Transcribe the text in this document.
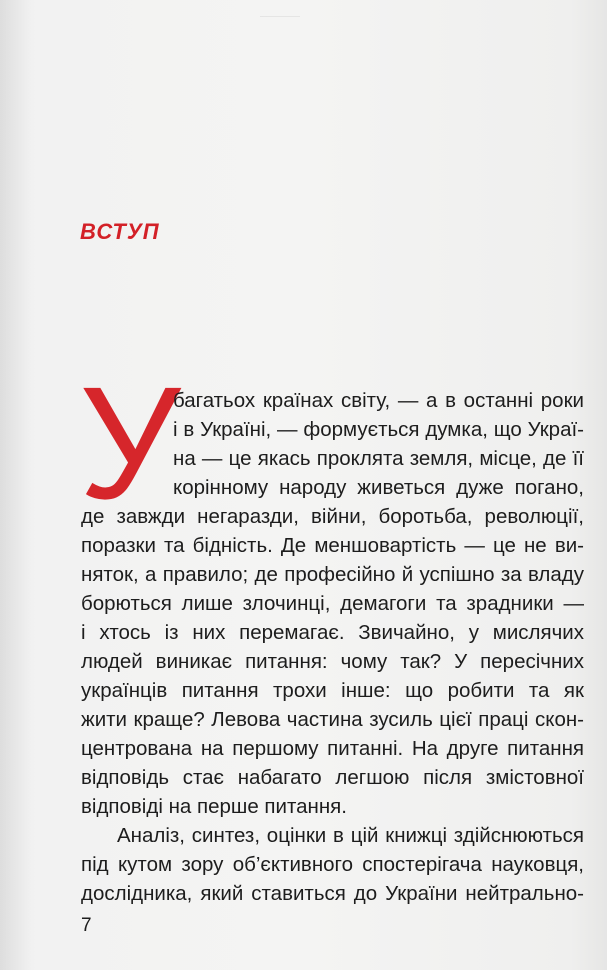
ВСТУП
У
багатьох країнах світу, — а в останні роки
і в Україні, — формується думка, що Украї-
на — це якась проклята земля, місце, де її
корінному народу живеться дуже погано,
де завжди негаразди, війни, боротьба, революції,
поразки та бідність. Де меншовартість — це не ви-
няток, а правило; де професійно й успішно за владу
борються лише злочинці, демагоги та зрадники —
і хтось із них перемагає. Звичайно, у мислячих
людей виникає питання: чому так? У пересічних
українців питання трохи інше: що робити та як
жити краще? Левова частина зусиль цієї праці скон-
центрована на першому питанні. На друге питання
відповідь стає набагато легшою після змістовної
відповіді на перше питання.
Аналіз, синтез, оцінки в цій книжці здійснюються
під кутом зору об’єктивного спостерігача науковця,
дослідника, який ставиться до України нейтрально-
7
